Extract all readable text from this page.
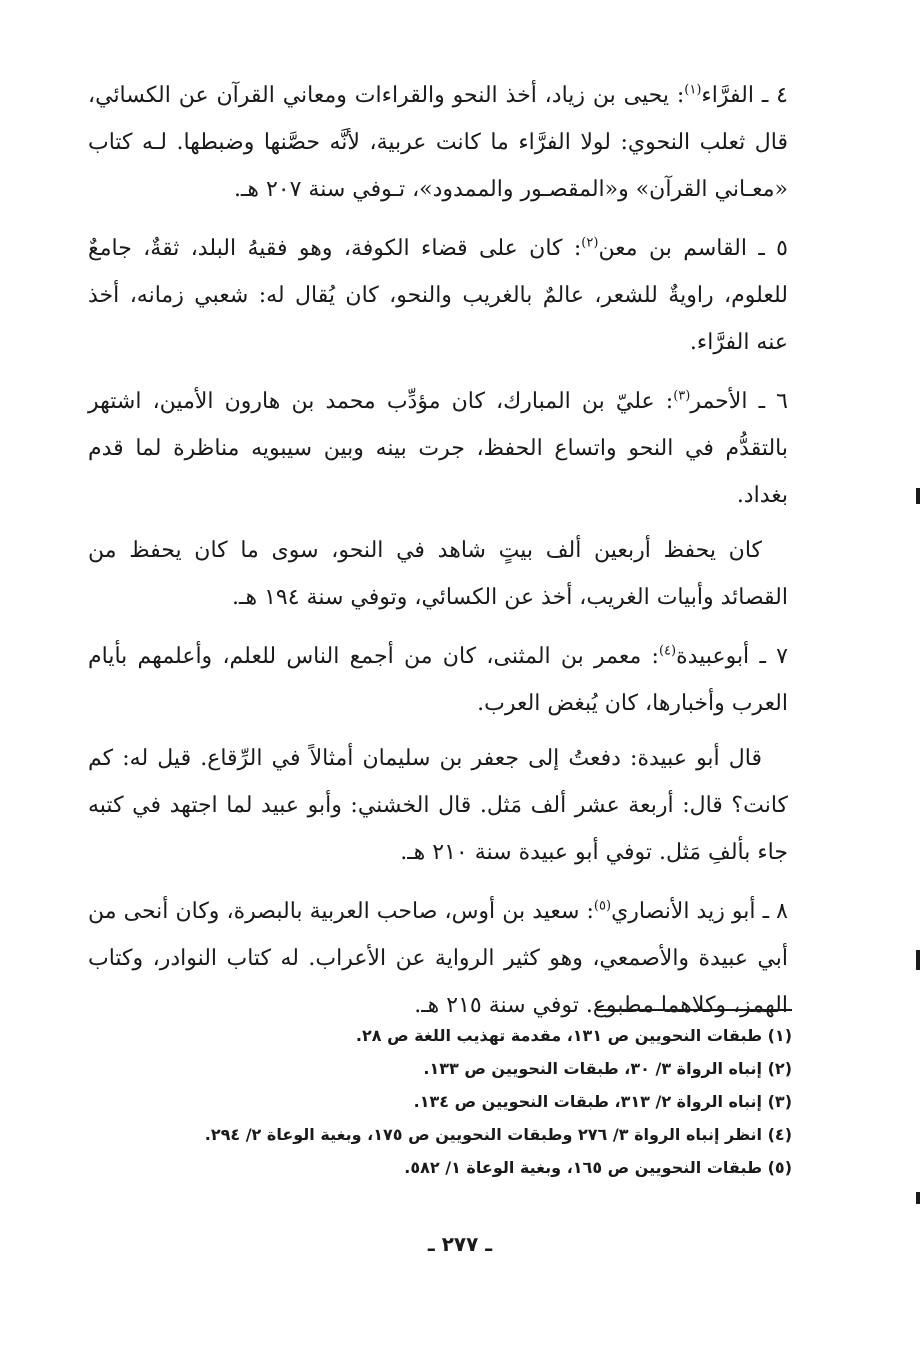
٤ ـ الفرَّاء$^{(١)}$: يحيى بن زياد، أخذ النحو والقراءات ومعاني القرآن عن الكسائي، قال ثعلب النحوي: لولا الفرَّاء ما كانت عربية، لأنَّه حصَّنها وضبطها. لـه كتاب «معـاني القرآن» و«المقصـور والممدود»، تـوفي سنة ٢٠٧ هـ.

٥ ـ القاسم بن معن$^{(٢)}$: كان على قضاء الكوفة، وهو فقيهُ البلد، ثقةٌ، جامعٌ للعلوم، راويةٌ للشعر، عالمٌ بالغريب والنحو، كان يُقال له: شعبي زمانه، أخذ عنه الفرَّاء.

٦ ـ الأحمر$^{(٣)}$: عليّ بن المبارك، كان مؤدِّب محمد بن هارون الأمين، اشتهر بالتقدُّم في النحو واتساع الحفظ، جرت بينه وبين سيبويه مناظرة لما قدم بغداد.

كان يحفظ أربعين ألف بيتٍ شاهد في النحو، سوى ما كان يحفظ من القصائد وأبيات الغريب، أخذ عن الكسائي، وتوفي سنة ١٩٤ هـ.

٧ ـ أبوعبيدة$^{(٤)}$: معمر بن المثنى، كان من أجمع الناس للعلم، وأعلمهم بأيام العرب وأخبارها، كان يُبغض العرب.

قال أبو عبيدة: دفعتُ إلى جعفر بن سليمان أمثالاً في الرِّقاع. قيل له: كم كانت؟ قال: أربعة عشر ألف مَثل. قال الخشني: وأبو عبيد لما اجتهد في كتبه جاء بألفِ مَثل. توفي أبو عبيدة سنة ٢١٠ هـ.

٨ ـ أبو زيد الأنصاري$^{(٥)}$: سعيد بن أوس، صاحب العربية بالبصرة، وكان أنحى من أبي عبيدة والأصمعي، وهو كثير الرواية عن الأعراب. له كتاب النوادر، وكتاب الهمز، وكلاهما مطبوع. توفي سنة ٢١٥ هـ.

(١) طبقات النحويين ص ١٣١، مقدمة تهذيب اللغة ص ٢٨.
(٢) إنباه الرواة ٣/ ٣٠، طبقات النحويين ص ١٣٣.
(٣) إنباه الرواة ٢/ ٣١٣، طبقات النحويين ص ١٣٤.
(٤) انظر إنباه الرواة ٣/ ٢٧٦ وطبقات النحويين ص ١٧٥، وبغية الوعاة ٢/ ٢٩٤.
(٥) طبقات النحويين ص ١٦٥، وبغية الوعاة ١/ ٥٨٢.
ـ ٢٧٧ ـ
